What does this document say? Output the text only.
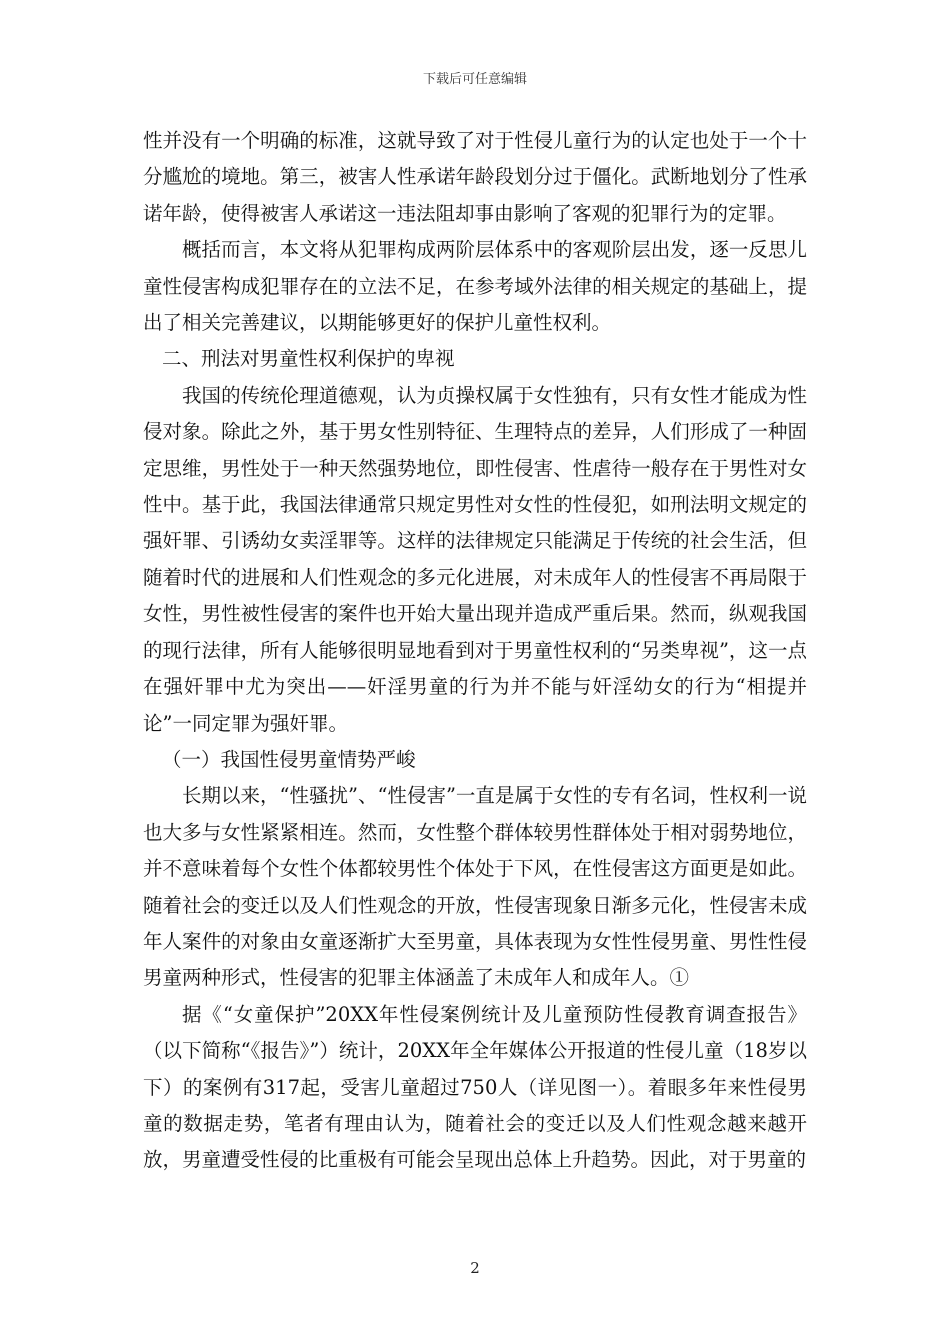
下载后可任意编辑

性并没有一个明确的标准，这就导致了对于性侵儿童行为的认定也处于一个十分尴尬的境地。第三，被害人性承诺年龄段划分过于僵化。武断地划分了性承诺年龄，使得被害人承诺这一违法阻却事由影响了客观的犯罪行为的定罪。

概括而言，本文将从犯罪构成两阶层体系中的客观阶层出发，逐一反思儿童性侵害构成犯罪存在的立法不足，在参考域外法律的相关规定的基础上，提出了相关完善建议，以期能够更好的保护儿童性权利。

二、刑法对男童性权利保护的卑视

我国的传统伦理道德观，认为贞操权属于女性独有，只有女性才能成为性侵对象。除此之外，基于男女性别特征、生理特点的差异，人们形成了一种固定思维，男性处于一种天然强势地位，即性侵害、性虐待一般存在于男性对女性中。基于此，我国法律通常只规定男性对女性的性侵犯，如刑法明文规定的强奸罪、引诱幼女卖淫罪等。这样的法律规定只能满足于传统的社会生活，但随着时代的进展和人们性观念的多元化进展，对未成年人的性侵害不再局限于女性，男性被性侵害的案件也开始大量出现并造成严重后果。然而，纵观我国的现行法律，所有人能够很明显地看到对于男童性权利的“另类卑视”，这一点在强奸罪中尤为突出——奸淫男童的行为并不能与奸淫幼女的行为“相提并论”一同定罪为强奸罪。

（一）我国性侵男童情势严峻

长期以来，“性骚扰”、“性侵害”一直是属于女性的专有名词，性权利一说也大多与女性紧紧相连。然而，女性整个群体较男性群体处于相对弱势地位，并不意味着每个女性个体都较男性个体处于下风，在性侵害这方面更是如此。随着社会的变迁以及人们性观念的开放，性侵害现象日渐多元化，性侵害未成年人案件的对象由女童逐渐扩大至男童，具体表现为女性性侵男童、男性性侵男童两种形式，性侵害的犯罪主体涵盖了未成年人和成年人。①

据《“女童保护”20XX年性侵案例统计及儿童预防性侵教育调查报告》（以下简称“《报告》”）统计，20XX年全年媒体公开报道的性侵儿童（18岁以下）的案例有317起，受害儿童超过750人（详见图一）。着眼多年来性侵男童的数据走势，笔者有理由认为，随着社会的变迁以及人们性观念越来越开放，男童遭受性侵的比重极有可能会呈现出总体上升趋势。因此，对于男童的

2
